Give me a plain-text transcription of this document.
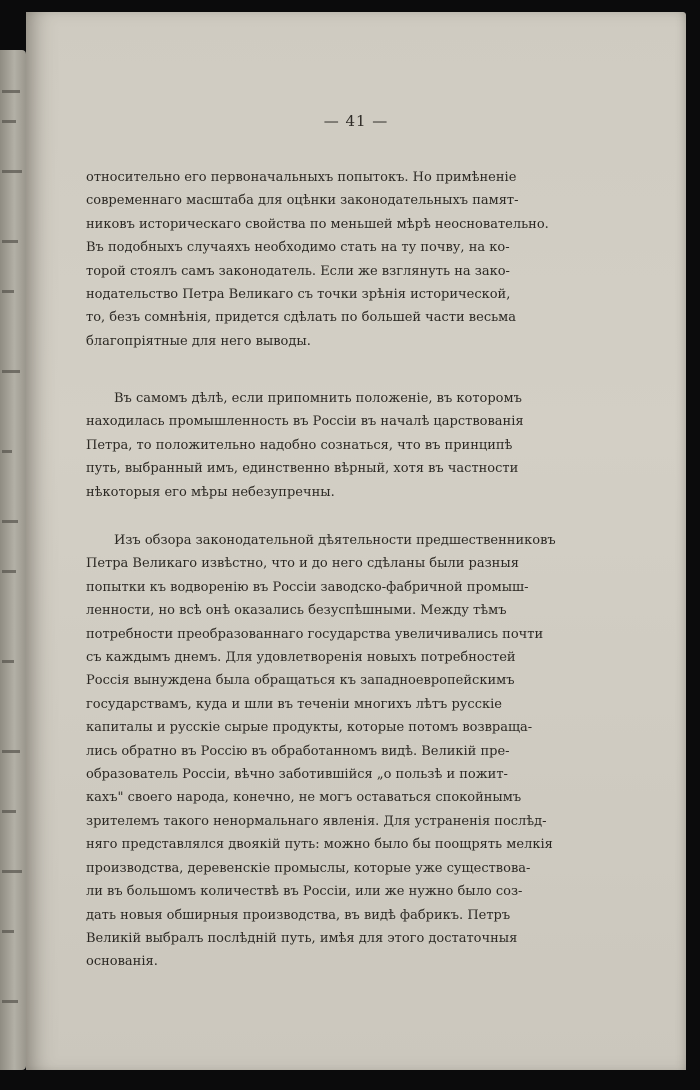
— 41 —

относительно его первоначальныхъ попытокъ. Но примѣненіе
современнаго масштаба для оцѣнки законодательныхъ памят-
никовъ историческаго свойства по меньшей мѣрѣ неосновательно.
Въ подобныхъ случаяхъ необходимо стать на ту почву, на ко-
торой стоялъ самъ законодатель. Если же взглянуть на зако-
нодательство Петра Великаго съ точки зрѣнія исторической,
то, безъ сомнѣнія, придется сдѣлать по большей части весьма
благопріятные для него выводы.

Въ самомъ дѣлѣ, если припомнить положеніе, въ которомъ
находилась промышленность въ Россіи въ началѣ царствованія
Петра, то положительно надобно сознаться, что въ принципѣ
путь, выбранный имъ, единственно вѣрный, хотя въ частности
нѣкоторыя его мѣры небезупречны.

Изъ обзора законодательной дѣятельности предшественниковъ
Петра Великаго извѣстно, что и до него сдѣланы были разныя
попытки къ водворенію въ Россіи заводско-фабричной промыш-
ленности, но всѣ онѣ оказались безуспѣшными. Между тѣмъ
потребности преобразованнаго государства увеличивались почти
съ каждымъ днемъ. Для удовлетворенія новыхъ потребностей
Россія вынуждена была обращаться къ западноевропейскимъ
государствамъ, куда и шли въ теченіи многихъ лѣтъ русскіе
капиталы и русскіе сырые продукты, которые потомъ возвраща-
лись обратно въ Россію въ обработанномъ видѣ. Великій пре-
образователь Россіи, вѣчно заботившійся „о пользѣ и пожит-
кахъ" своего народа, конечно, не могъ оставаться спокойнымъ
зрителемъ такого ненормальнаго явленія. Для устраненія послѣд-
няго представлялся двоякій путь: можно было бы поощрять мелкія
производства, деревенскіе промыслы, которые уже существова-
ли въ большомъ количествѣ въ Россіи, или же нужно было соз-
дать новыя обширныя производства, въ видѣ фабрикъ. Петръ
Великій выбралъ послѣдній путь, имѣя для этого достаточныя
основанія.
